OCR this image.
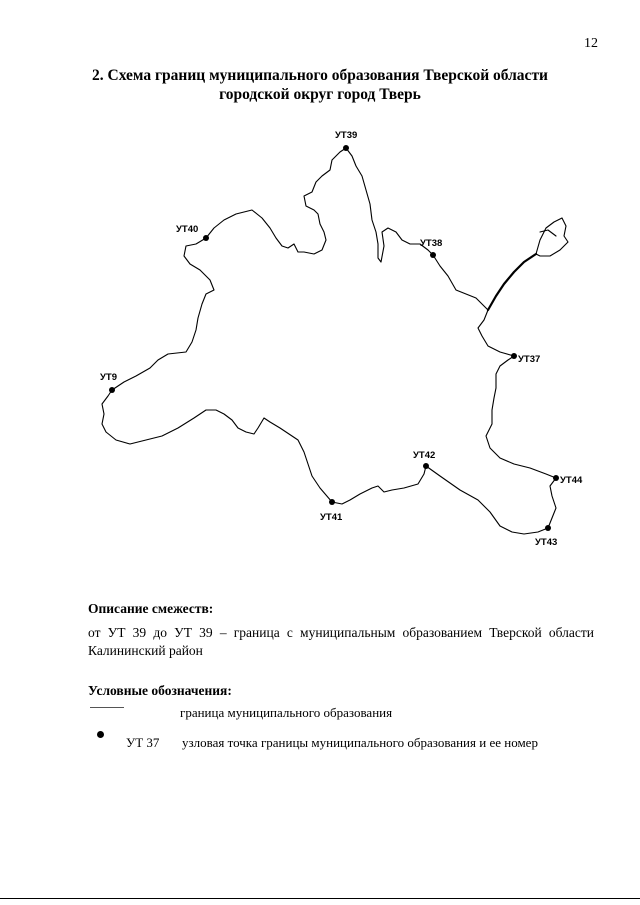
12
2. Схема границ муниципального образования Тверской области
городской округ город Тверь
УТ39
УТ40
УТ38
УТ9
УТ37
УТ42
УТ44
УТ41
УТ43
Описание смежеств:
от УТ 39 до УТ 39 – граница с муниципальным образованием Тверской области Калининский район
Условные обозначения:
граница муниципального образования
УТ 37 узловая точка границы муниципального образования и ее номер
